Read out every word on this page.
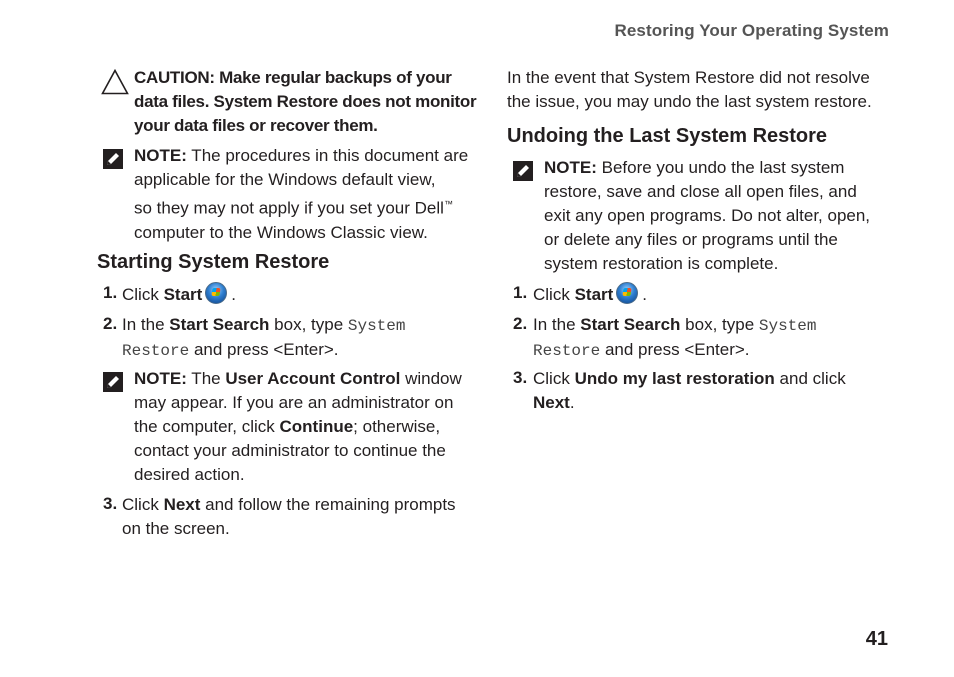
Restoring Your Operating System
CAUTION: Make regular backups of your
data files. System Restore does not monitor
your data files or recover them.
NOTE: The procedures in this document are
applicable for the Windows default view,
so they may not apply if you set your Dell™
computer to the Windows Classic view.
Starting System Restore
1. Click Start .
2. In the Start Search box, type System
Restore and press <Enter>.
NOTE: The User Account Control window
may appear. If you are an administrator on
the computer, click Continue; otherwise,
contact your administrator to continue the
desired action.
3. Click Next and follow the remaining prompts
on the screen.
In the event that System Restore did not resolve
the issue, you may undo the last system restore.
Undoing the Last System Restore
NOTE: Before you undo the last system
restore, save and close all open files, and
exit any open programs. Do not alter, open,
or delete any files or programs until the
system restoration is complete.
1. Click Start .
2. In the Start Search box, type System
Restore and press <Enter>.
3. Click Undo my last restoration and click
Next.
41
